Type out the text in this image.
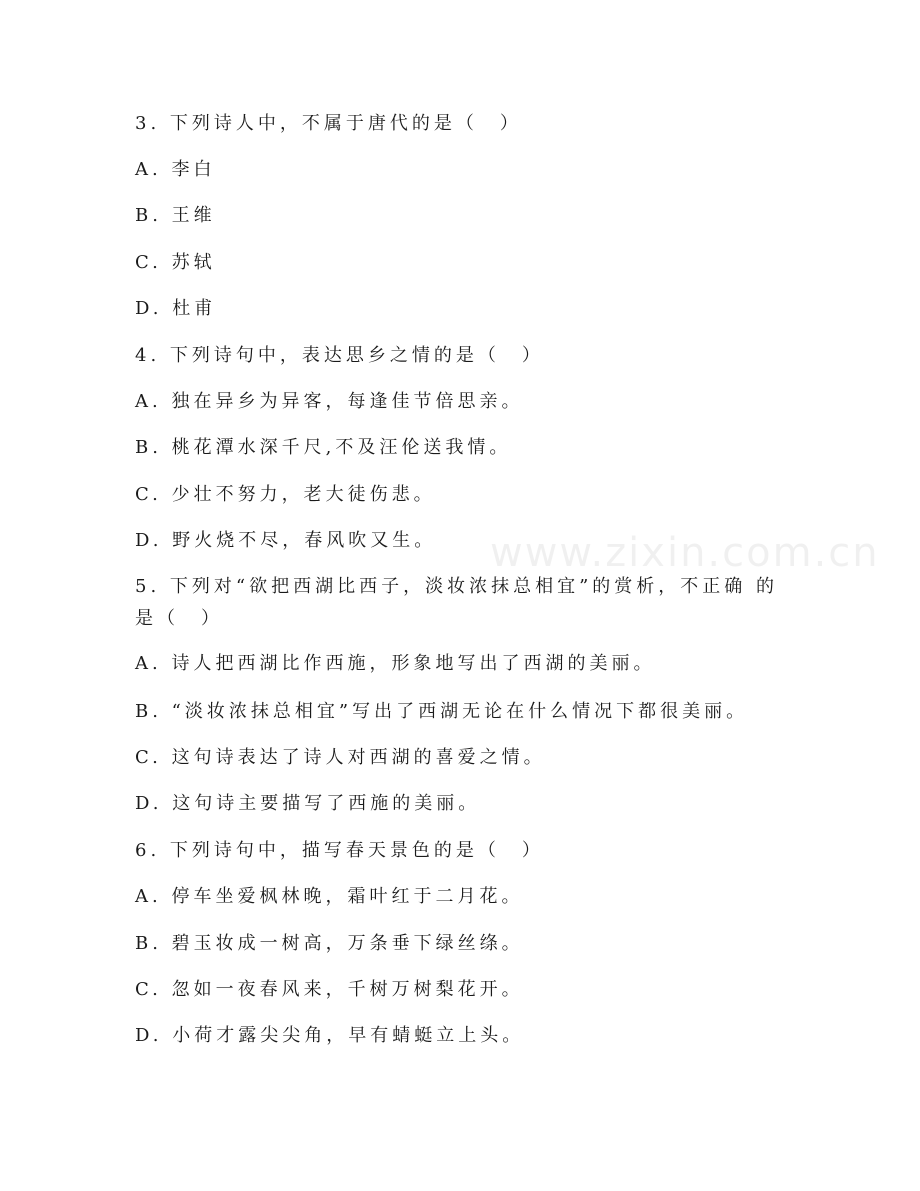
www.zixin.com.cn
3. 下列诗人中，不属于唐代的是（　）
A. 李白
B. 王维
C. 苏轼
D. 杜甫
4. 下列诗句中，表达思乡之情的是（　）
A. 独在异乡为异客，每逢佳节倍思亲。
B. 桃花潭水深千尺,不及汪伦送我情。
C. 少壮不努力，老大徒伤悲。
D. 野火烧不尽，春风吹又生。
5. 下列对“欲把西湖比西子，淡妆浓抹总相宜”的赏析，不正确 的是（　）
A. 诗人把西湖比作西施，形象地写出了西湖的美丽。
B. “淡妆浓抹总相宜”写出了西湖无论在什么情况下都很美丽。
C. 这句诗表达了诗人对西湖的喜爱之情。
D. 这句诗主要描写了西施的美丽。
6. 下列诗句中，描写春天景色的是（　）
A. 停车坐爱枫林晚，霜叶红于二月花。
B. 碧玉妆成一树高，万条垂下绿丝绦。
C. 忽如一夜春风来，千树万树梨花开。
D. 小荷才露尖尖角，早有蜻蜓立上头。
